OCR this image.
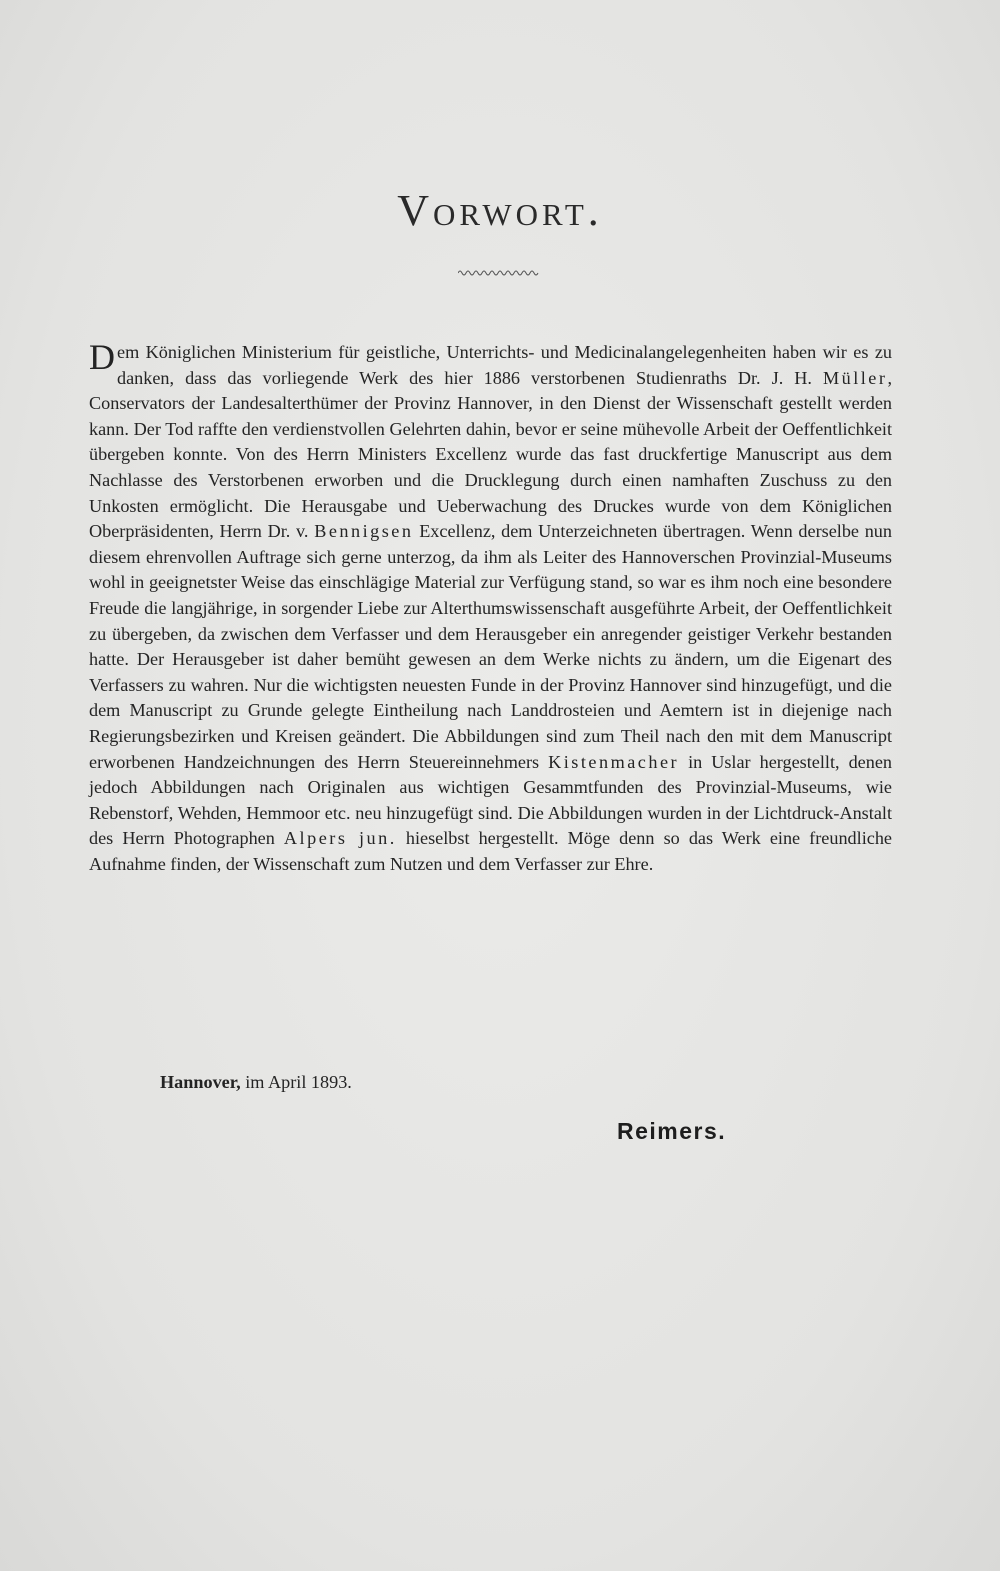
Vorwort.

Dem Königlichen Ministerium für geistliche, Unterrichts- und Medicinalangelegenheiten haben wir es zu danken, dass das vorliegende Werk des hier 1886 verstorbenen Studienraths Dr. J. H. Müller, Conservators der Landesalterthümer der Provinz Hannover, in den Dienst der Wissenschaft gestellt werden kann. Der Tod raffte den verdienstvollen Gelehrten dahin, bevor er seine mühevolle Arbeit der Oeffentlichkeit übergeben konnte. Von des Herrn Ministers Excellenz wurde das fast druckfertige Manuscript aus dem Nachlasse des Verstorbenen erworben und die Drucklegung durch einen namhaften Zuschuss zu den Unkosten ermöglicht. Die Herausgabe und Ueberwachung des Druckes wurde von dem Königlichen Oberpräsidenten, Herrn Dr. v. Bennigsen Excellenz, dem Unterzeichneten übertragen. Wenn derselbe nun diesem ehrenvollen Auftrage sich gerne unterzog, da ihm als Leiter des Hannoverschen Provinzial-Museums wohl in geeignetster Weise das einschlägige Material zur Verfügung stand, so war es ihm noch eine besondere Freude die langjährige, in sorgender Liebe zur Alterthumswissenschaft ausgeführte Arbeit, der Oeffentlichkeit zu übergeben, da zwischen dem Verfasser und dem Herausgeber ein anregender geistiger Verkehr bestanden hatte. Der Herausgeber ist daher bemüht gewesen an dem Werke nichts zu ändern, um die Eigenart des Verfassers zu wahren. Nur die wichtigsten neuesten Funde in der Provinz Hannover sind hinzugefügt, und die dem Manuscript zu Grunde gelegte Eintheilung nach Landdrosteien und Aemtern ist in diejenige nach Regierungsbezirken und Kreisen geändert. Die Abbildungen sind zum Theil nach den mit dem Manuscript erworbenen Handzeichnungen des Herrn Steuereinnehmers Kistenmacher in Uslar hergestellt, denen jedoch Abbildungen nach Originalen aus wichtigen Gesammtfunden des Provinzial-Museums, wie Rebenstorf, Wehden, Hemmoor etc. neu hinzugefügt sind. Die Abbildungen wurden in der Lichtdruck-Anstalt des Herrn Photographen Alpers jun. hieselbst hergestellt. Möge denn so das Werk eine freundliche Aufnahme finden, der Wissenschaft zum Nutzen und dem Verfasser zur Ehre.

Hannover, im April 1893.

Reimers.
